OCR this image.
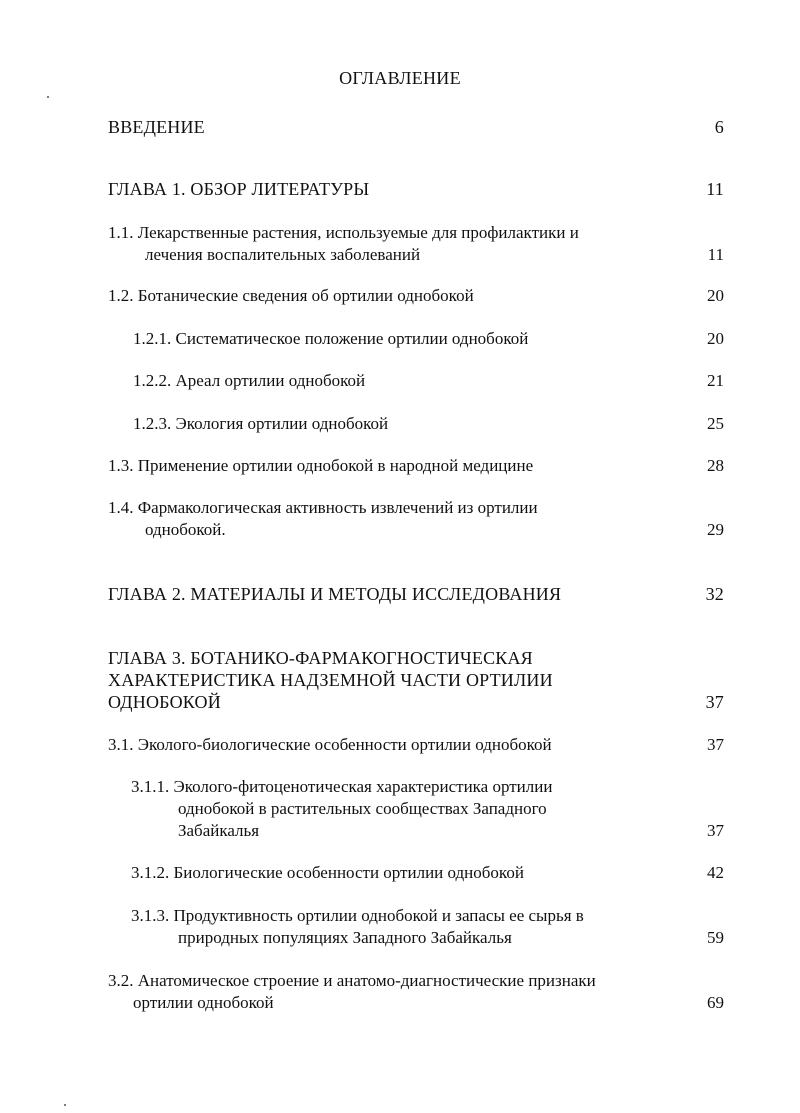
ОГЛАВЛЕНИЕ
ВВЕДЕНИЕ	6
ГЛАВА 1. ОБЗОР ЛИТЕРАТУРЫ	11
1.1. Лекарственные растения, используемые для профилактики и
лечения воспалительных заболеваний	11
1.2. Ботанические сведения об ортилии однобокой	20
1.2.1. Систематическое положение ортилии однобокой	20
1.2.2. Ареал ортилии однобокой	21
1.2.3. Экология ортилии однобокой	25
1.3. Применение ортилии однобокой в народной медицине	28
1.4. Фармакологическая активность извлечений из ортилии
однобокой.	29
ГЛАВА 2. МАТЕРИАЛЫ И МЕТОДЫ ИССЛЕДОВАНИЯ	32
ГЛАВА 3. БОТАНИКО-ФАРМАКОГНОСТИЧЕСКАЯ
ХАРАКТЕРИСТИКА НАДЗЕМНОЙ ЧАСТИ ОРТИЛИИ
ОДНОБОКОЙ	37
3.1. Эколого-биологические особенности ортилии однобокой	37
3.1.1. Эколого-фитоценотическая характеристика ортилии
однобокой в растительных сообществах Западного
Забайкалья	37
3.1.2. Биологические особенности ортилии однобокой	42
3.1.3. Продуктивность ортилии однобокой и запасы ее сырья в
природных популяциях Западного Забайкалья	59
3.2. Анатомическое строение и анатомо-диагностические признаки
ортилии однобокой	69
